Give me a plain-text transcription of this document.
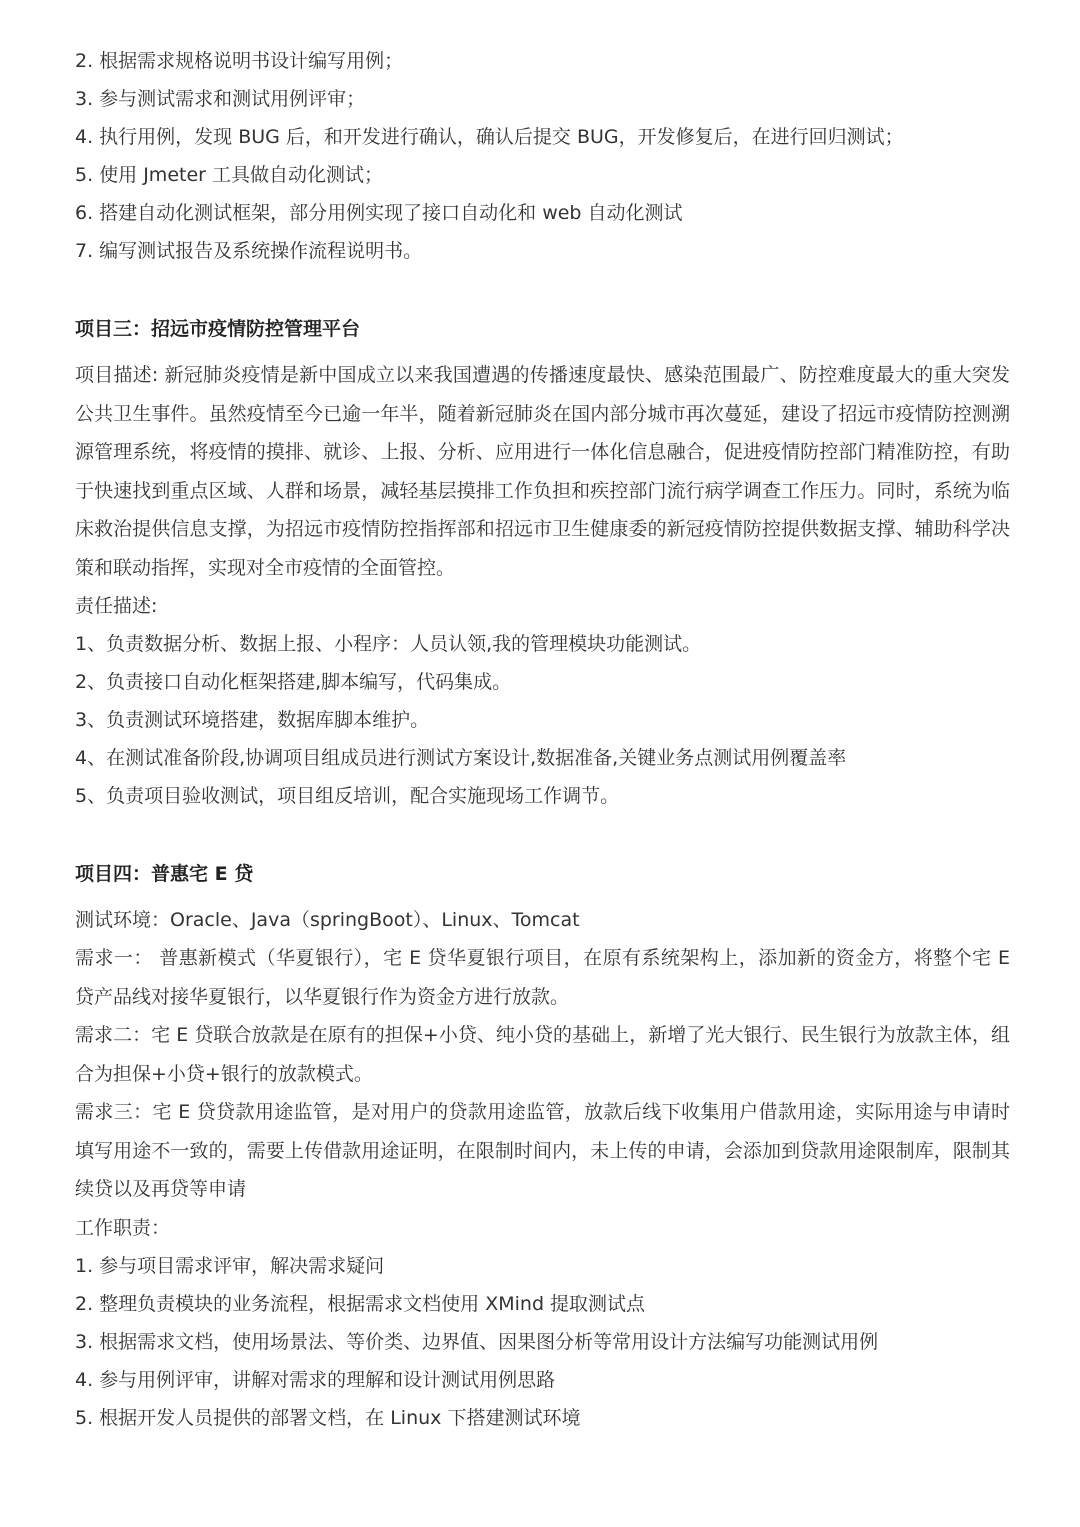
2. 根据需求规格说明书设计编写用例；

3. 参与测试需求和测试用例评审；

4. 执行用例，发现 BUG 后，和开发进行确认，确认后提交 BUG，开发修复后，在进行回归测试；

5. 使用 Jmeter 工具做自动化测试；

6. 搭建自动化测试框架，部分用例实现了接口自动化和 web 自动化测试

7. 编写测试报告及系统操作流程说明书。

项目三：招远市疫情防控管理平台

项目描述: 新冠肺炎疫情是新中国成立以来我国遭遇的传播速度最快、感染范围最广、防控难度最大的重大突发公共卫生事件。虽然疫情至今已逾一年半，随着新冠肺炎在国内部分城市再次蔓延，建设了招远市疫情防控测溯源管理系统，将疫情的摸排、就诊、上报、分析、应用进行一体化信息融合，促进疫情防控部门精准防控，有助于快速找到重点区域、人群和场景，减轻基层摸排工作负担和疾控部门流行病学调查工作压力。同时，系统为临床救治提供信息支撑，为招远市疫情防控指挥部和招远市卫生健康委的新冠疫情防控提供数据支撑、辅助科学决策和联动指挥，实现对全市疫情的全面管控。

责任描述:

1、负责数据分析、数据上报、小程序：人员认领,我的管理模块功能测试。

2、负责接口自动化框架搭建,脚本编写，代码集成。

3、负责测试环境搭建，数据库脚本维护。

4、在测试准备阶段,协调项目组成员进行测试方案设计,数据准备,关键业务点测试用例覆盖率

5、负责项目验收测试，项目组反培训，配合实施现场工作调节。

项目四：普惠宅 E 贷

测试环境：Oracle、Java（springBoot）、Linux、Tomcat

需求一： 普惠新模式（华夏银行），宅 E 贷华夏银行项目，在原有系统架构上，添加新的资金方，将整个宅 E 贷产品线对接华夏银行，以华夏银行作为资金方进行放款。

需求二：宅 E 贷联合放款是在原有的担保+小贷、纯小贷的基础上，新增了光大银行、民生银行为放款主体，组合为担保+小贷+银行的放款模式。

需求三：宅 E 贷贷款用途监管，是对用户的贷款用途监管，放款后线下收集用户借款用途，实际用途与申请时填写用途不一致的，需要上传借款用途证明，在限制时间内，未上传的申请，会添加到贷款用途限制库，限制其续贷以及再贷等申请

工作职责：

1. 参与项目需求评审，解决需求疑问

2. 整理负责模块的业务流程，根据需求文档使用 XMind 提取测试点

3. 根据需求文档，使用场景法、等价类、边界值、因果图分析等常用设计方法编写功能测试用例

4. 参与用例评审，讲解对需求的理解和设计测试用例思路

5. 根据开发人员提供的部署文档，在 Linux 下搭建测试环境
